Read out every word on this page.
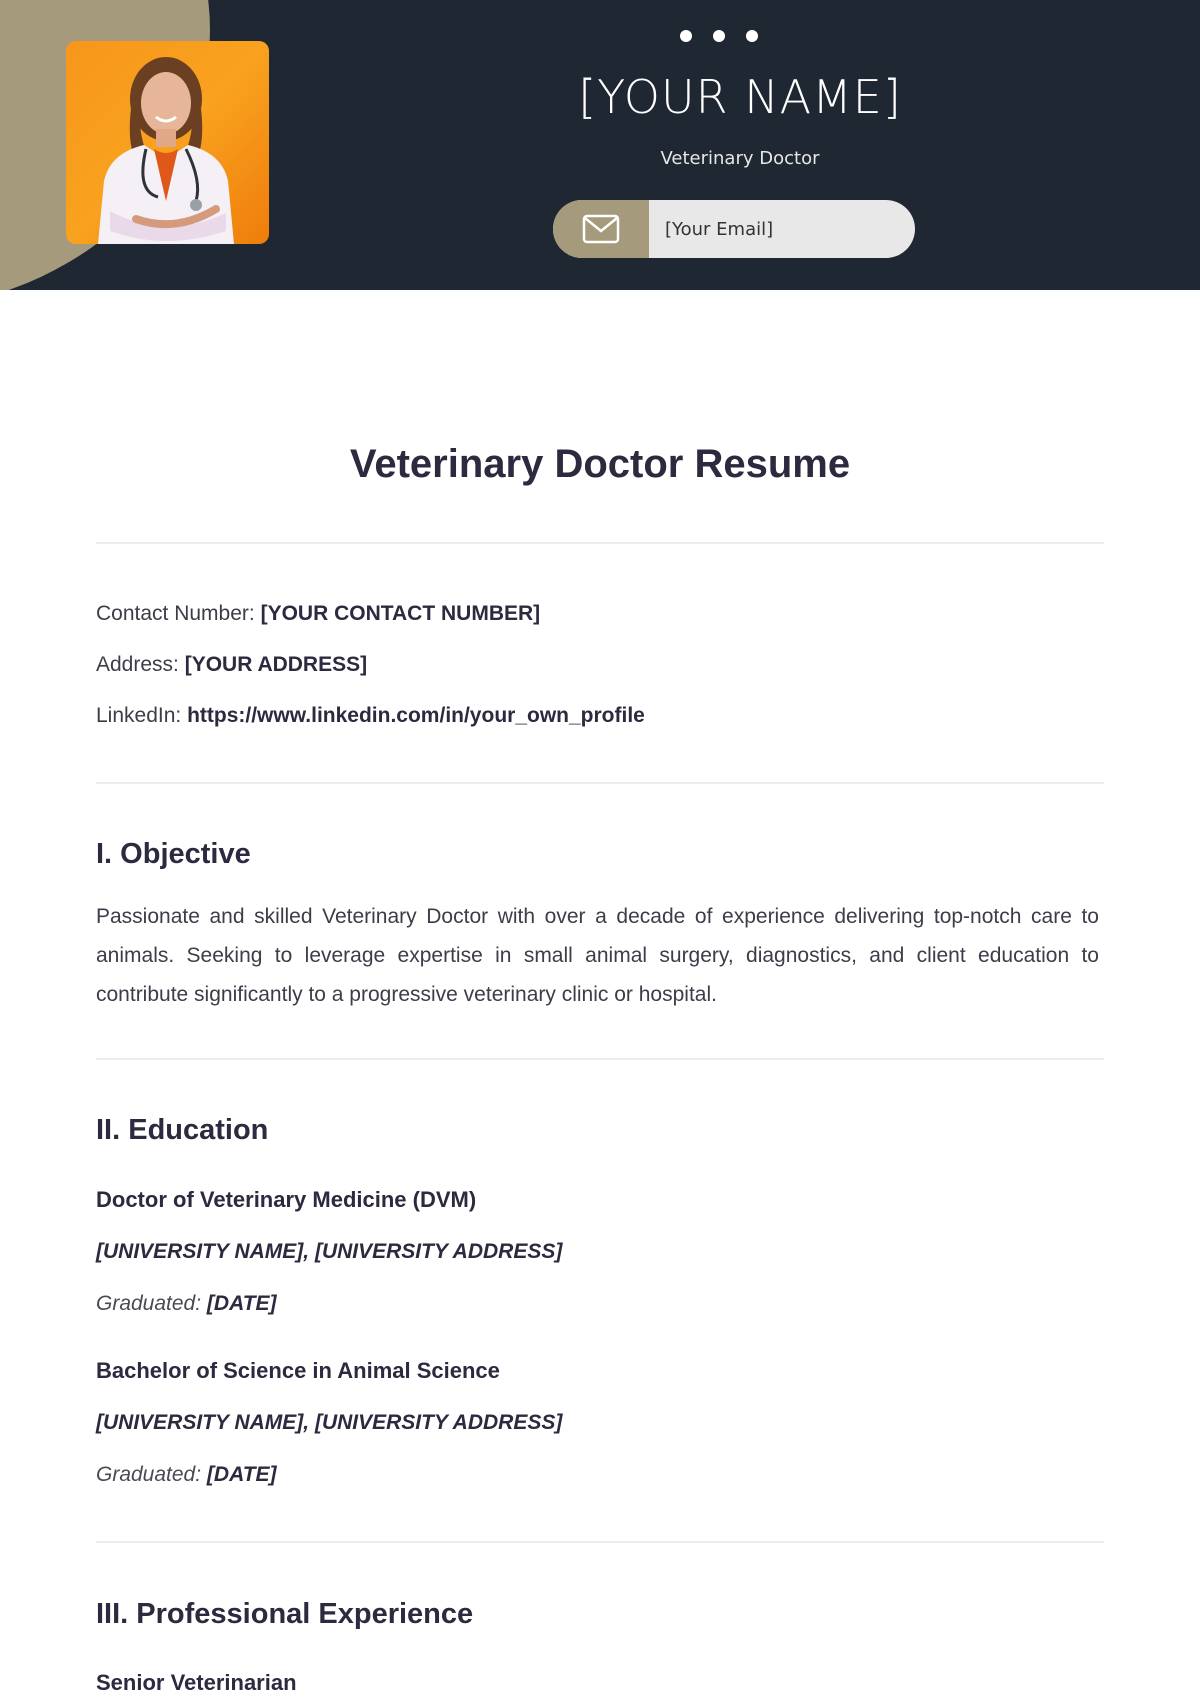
[YOUR NAME]
Veterinary Doctor
[Your Email]
Veterinary Doctor Resume
Contact Number: [YOUR CONTACT NUMBER]
Address: [YOUR ADDRESS]
LinkedIn: https://www.linkedin.com/in/your_own_profile
I. Objective
Passionate and skilled Veterinary Doctor with over a decade of experience delivering top-notch care to animals. Seeking to leverage expertise in small animal surgery, diagnostics, and client education to contribute significantly to a progressive veterinary clinic or hospital.
II. Education
Doctor of Veterinary Medicine (DVM)
[UNIVERSITY NAME], [UNIVERSITY ADDRESS]
Graduated: [DATE]
Bachelor of Science in Animal Science
[UNIVERSITY NAME], [UNIVERSITY ADDRESS]
Graduated: [DATE]
III. Professional Experience
Senior Veterinarian
